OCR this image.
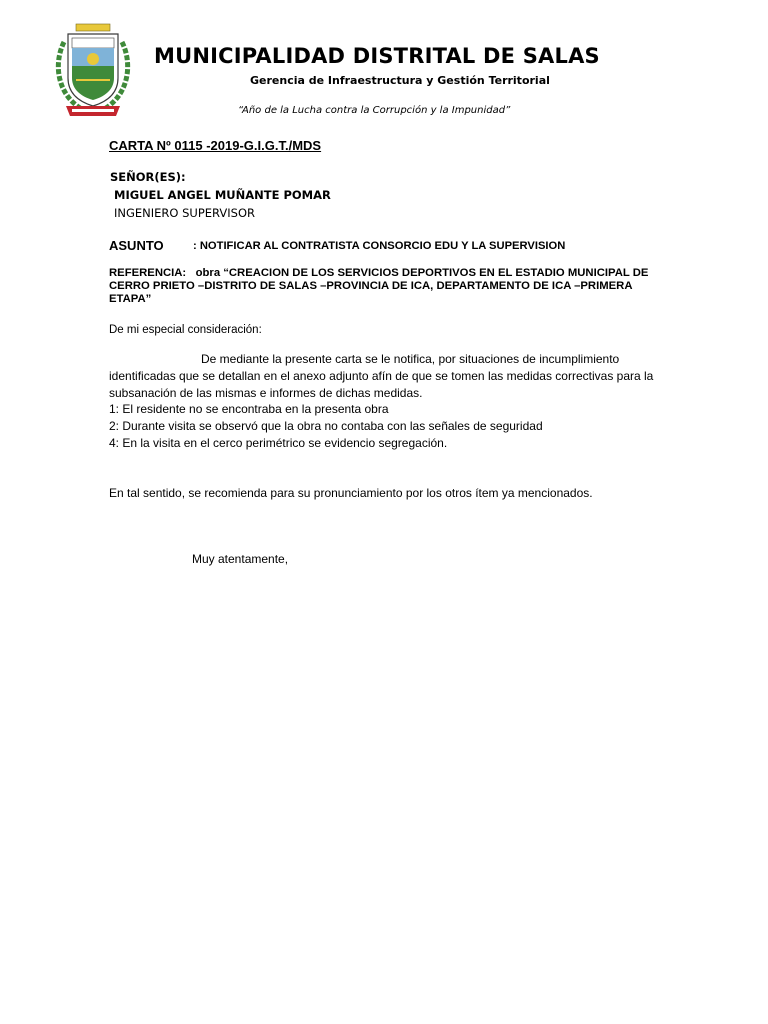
MUNICIPALIDAD DISTRITAL DE SALAS
Gerencia de Infraestructura y Gestión Territorial
“Año de la Lucha contra la Corrupción y la Impunidad”
CARTA Nº 0115 -2019-G.I.G.T./MDS
SEÑOR(ES):
MIGUEL ANGEL MUÑANTE POMAR
INGENIERO SUPERVISOR
ASUNTO	: NOTIFICAR AL CONTRATISTA CONSORCIO EDU Y LA SUPERVISION
REFERENCIA: obra “CREACION DE LOS SERVICIOS DEPORTIVOS EN EL ESTADIO MUNICIPAL DE CERRO PRIETO –DISTRITO DE SALAS –PROVINCIA DE ICA, DEPARTAMENTO DE ICA –PRIMERA ETAPA”
De mi especial consideración:

De mediante la presente carta se le notifica, por situaciones de incumplimiento identificadas que se detallan en el anexo adjunto afín de que se tomen las medidas correctivas para la subsanación de las mismas e informes de dichas medidas.

1: El residente no se encontraba en la presenta obra

2: Durante visita se observó que la obra no contaba con las señales de seguridad

4: En la visita en el cerco perimétrico se evidencio segregación.

En tal sentido, se recomienda para su pronunciamiento por los otros ítem ya mencionados.
Muy atentamente,
